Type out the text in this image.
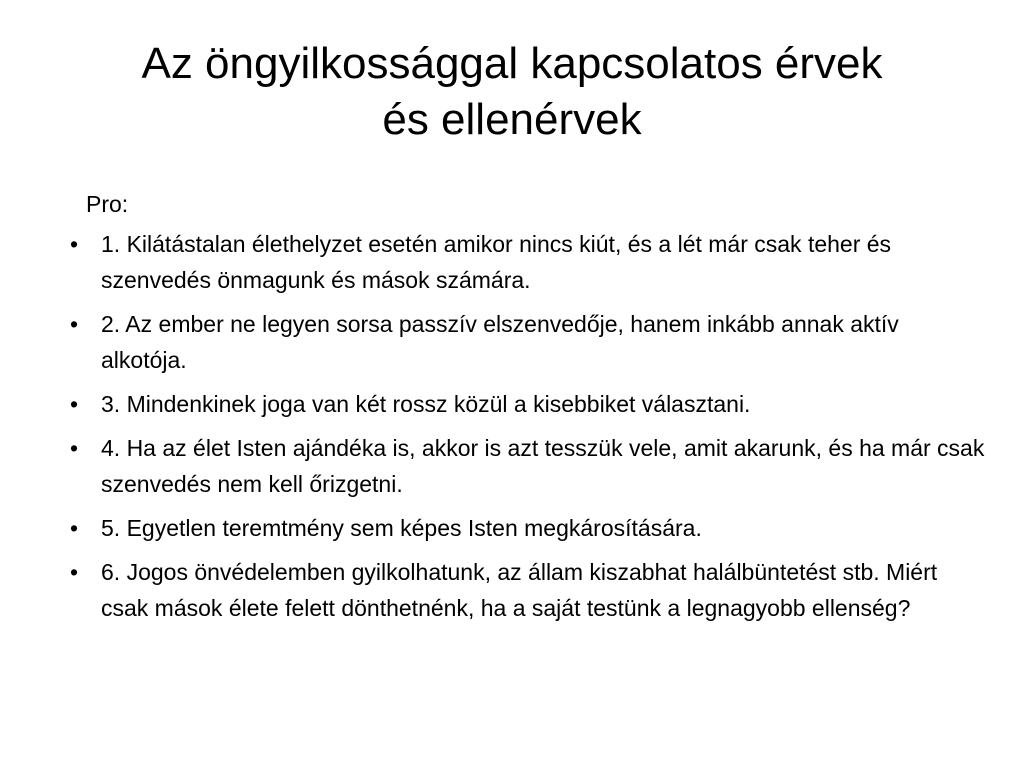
Az öngyilkossággal kapcsolatos érvek
és ellenérvek
Pro:
• 1. Kilátástalan élethelyzet esetén amikor nincs kiút, és a lét már csak teher és szenvedés önmagunk és mások számára.
• 2. Az ember ne legyen sorsa passzív elszenvedője, hanem inkább annak aktív alkotója.
• 3. Mindenkinek joga van két rossz közül a kisebbiket választani.
• 4. Ha az élet Isten ajándéka is, akkor is azt tesszük vele, amit akarunk, és ha már csak szenvedés nem kell őrizgetni.
• 5. Egyetlen teremtmény sem képes Isten megkárosítására.
• 6. Jogos önvédelemben gyilkolhatunk, az állam kiszabhat halálbüntetést stb. Miért csak mások élete felett dönthetnénk, ha a saját testünk a legnagyobb ellenség?
